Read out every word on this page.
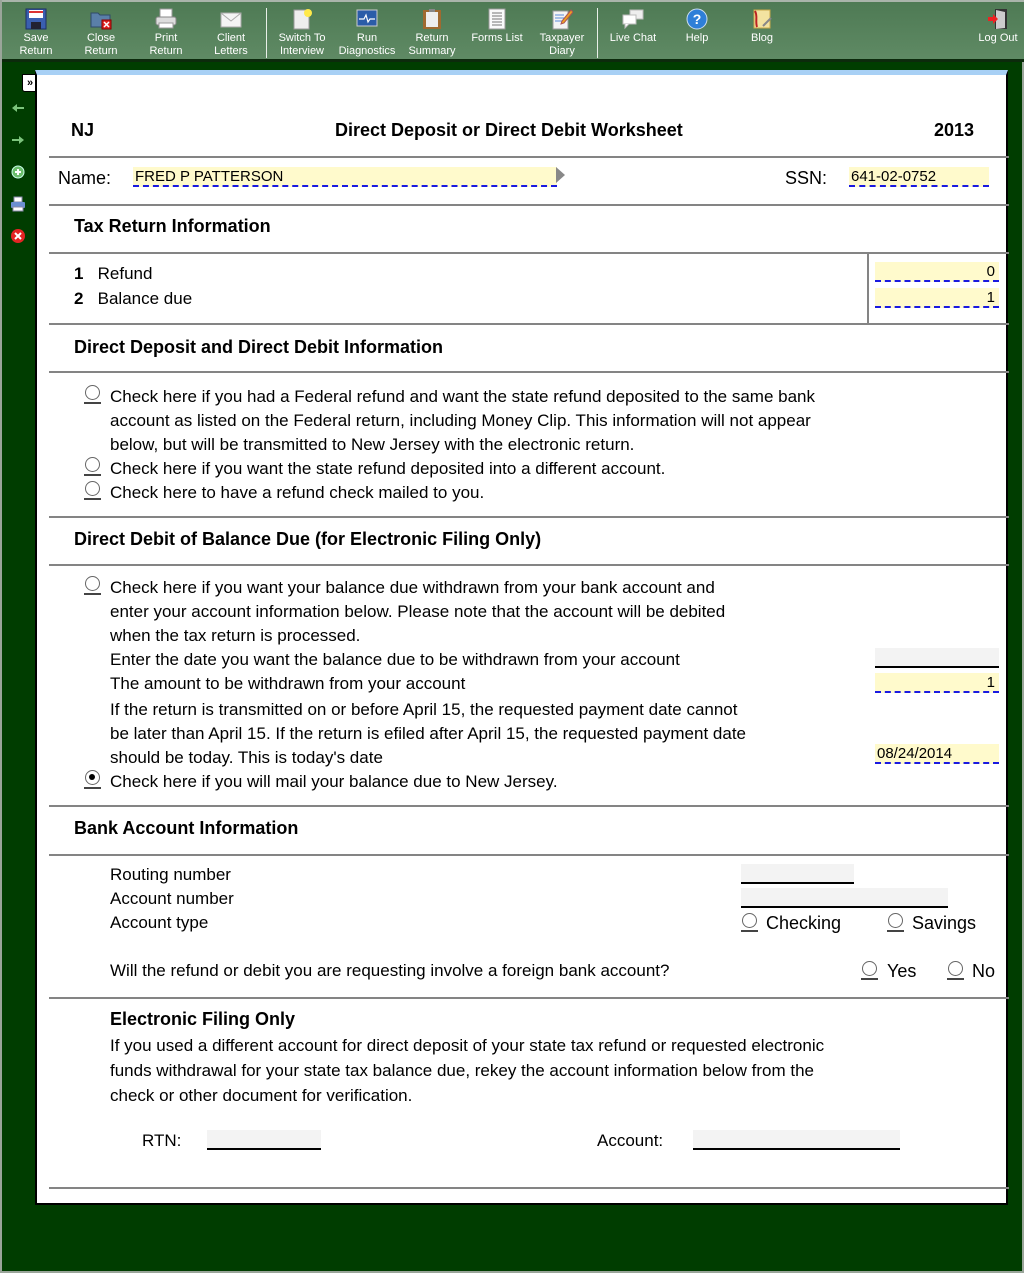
Save
Return
Close
Return
Print
Return
Client
Letters
Switch To
Interview
Run
Diagnostics
Return
Summary
Forms List Taxpayer
Diary
Live Chat
?
Help	Blog	Log Out
»
NJ	Direct Deposit or Direct Debit Worksheet	2013
Name: FRED P PATTERSON	SSN: 641-02-0752
Tax Return Information
1 Refund	0
2 Balance due	1
Direct Deposit and Direct Debit Information
Check here if you had a Federal refund and want the state refund deposited to the same bank
account as listed on the Federal return, including Money Clip. This information will not appear
below, but will be transmitted to New Jersey with the electronic return.
Check here if you want the state refund deposited into a different account.
Check here to have a refund check mailed to you.
Direct Debit of Balance Due (for Electronic Filing Only)
Check here if you want your balance due withdrawn from your bank account and
enter your account information below. Please note that the account will be debited
when the tax return is processed.
Enter the date you want the balance due to be withdrawn from your account
The amount to be withdrawn from your account	1
If the return is transmitted on or before April 15, the requested payment date cannot
be later than April 15. If the return is efiled after April 15, the requested payment date
should be today. This is today's date	08/24/2014
Check here if you will mail your balance due to New Jersey.
Bank Account Information
Routing number
Account number
Account type	Checking	Savings
Will the refund or debit you are requesting involve a foreign bank account?	Yes	No
Electronic Filing Only
If you used a different account for direct deposit of your state tax refund or requested electronic
funds withdrawal for your state tax balance due, rekey the account information below from the
check or other document for verification.
RTN:	Account:
